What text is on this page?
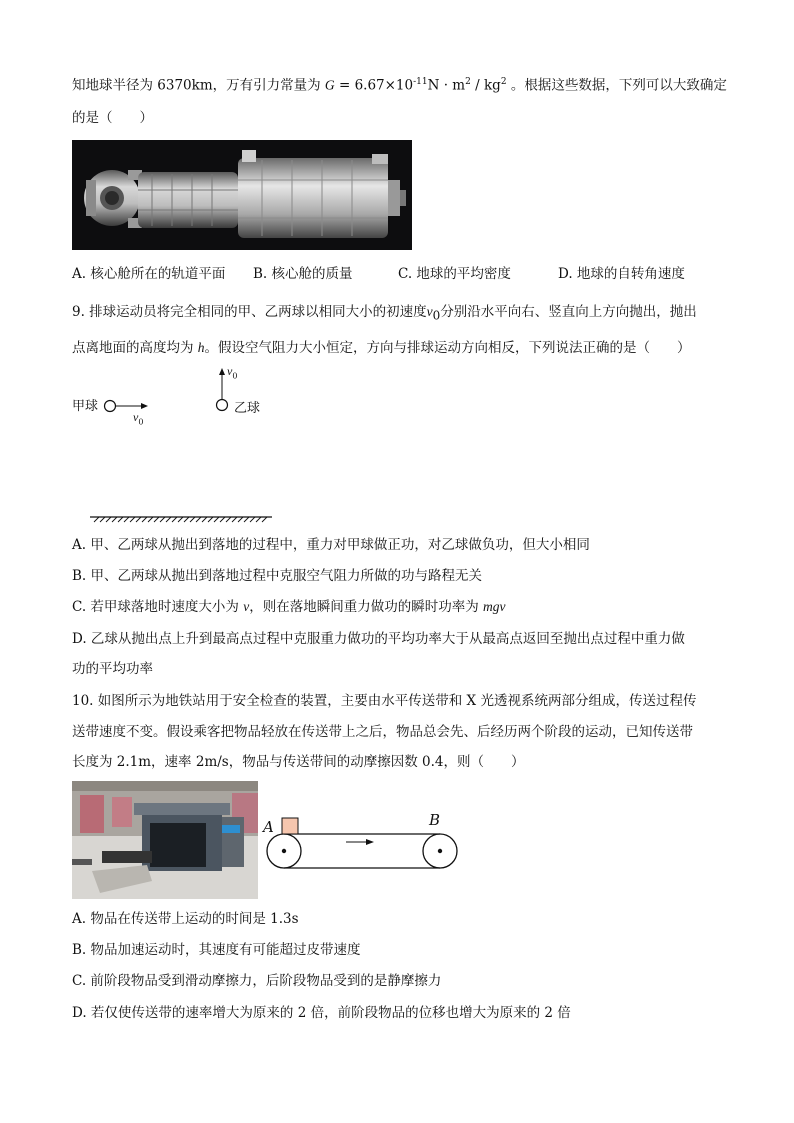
知地球半径为 6370km，万有引力常量为 $G = 6.67\times 10^{-11}N \cdot m^2 / kg^2$ 。根据这些数据，下列可以大致确定
的是（　　）
A. 核心舱所在的轨道平面 B. 核心舱的质量	C. 地球的平均密度	D. 地球的自转角速度
9. 排球运动员将完全相同的甲、乙两球以相同大小的初速度$v_0$分别沿水平向右、竖直向上方向抛出，抛出
点离地面的高度均为 h。假设空气阻力大小恒定，方向与排球运动方向相反，下列说法正确的是（　　）
甲球	乙球
$v_0$
$v_0$
A. 甲、乙两球从抛出到落地的过程中，重力对甲球做正功，对乙球做负功，但大小相同
B. 甲、乙两球从抛出到落地过程中克服空气阻力所做的功与路程无关
C. 若甲球落地时速度大小为 v，则在落地瞬间重力做功的瞬时功率为 mgv
D. 乙球从抛出点上升到最高点过程中克服重力做功的平均功率大于从最高点返回至抛出点过程中重力做
功的平均功率
10. 如图所示为地铁站用于安全检查的装置，主要由水平传送带和 X 光透视系统两部分组成，传送过程传
送带速度不变。假设乘客把物品轻放在传送带上之后，物品总会先、后经历两个阶段的运动，已知传送带
长度为 2.1m，速率 2m/s，物品与传送带间的动摩擦因数 0.4，则（　　）
A	B
A. 物品在传送带上运动的时间是 1.3s
B. 物品加速运动时，其速度有可能超过皮带速度
C. 前阶段物品受到滑动摩擦力，后阶段物品受到的是静摩擦力
D. 若仅使传送带的速率增大为原来的 2 倍，前阶段物品的位移也增大为原来的 2 倍
